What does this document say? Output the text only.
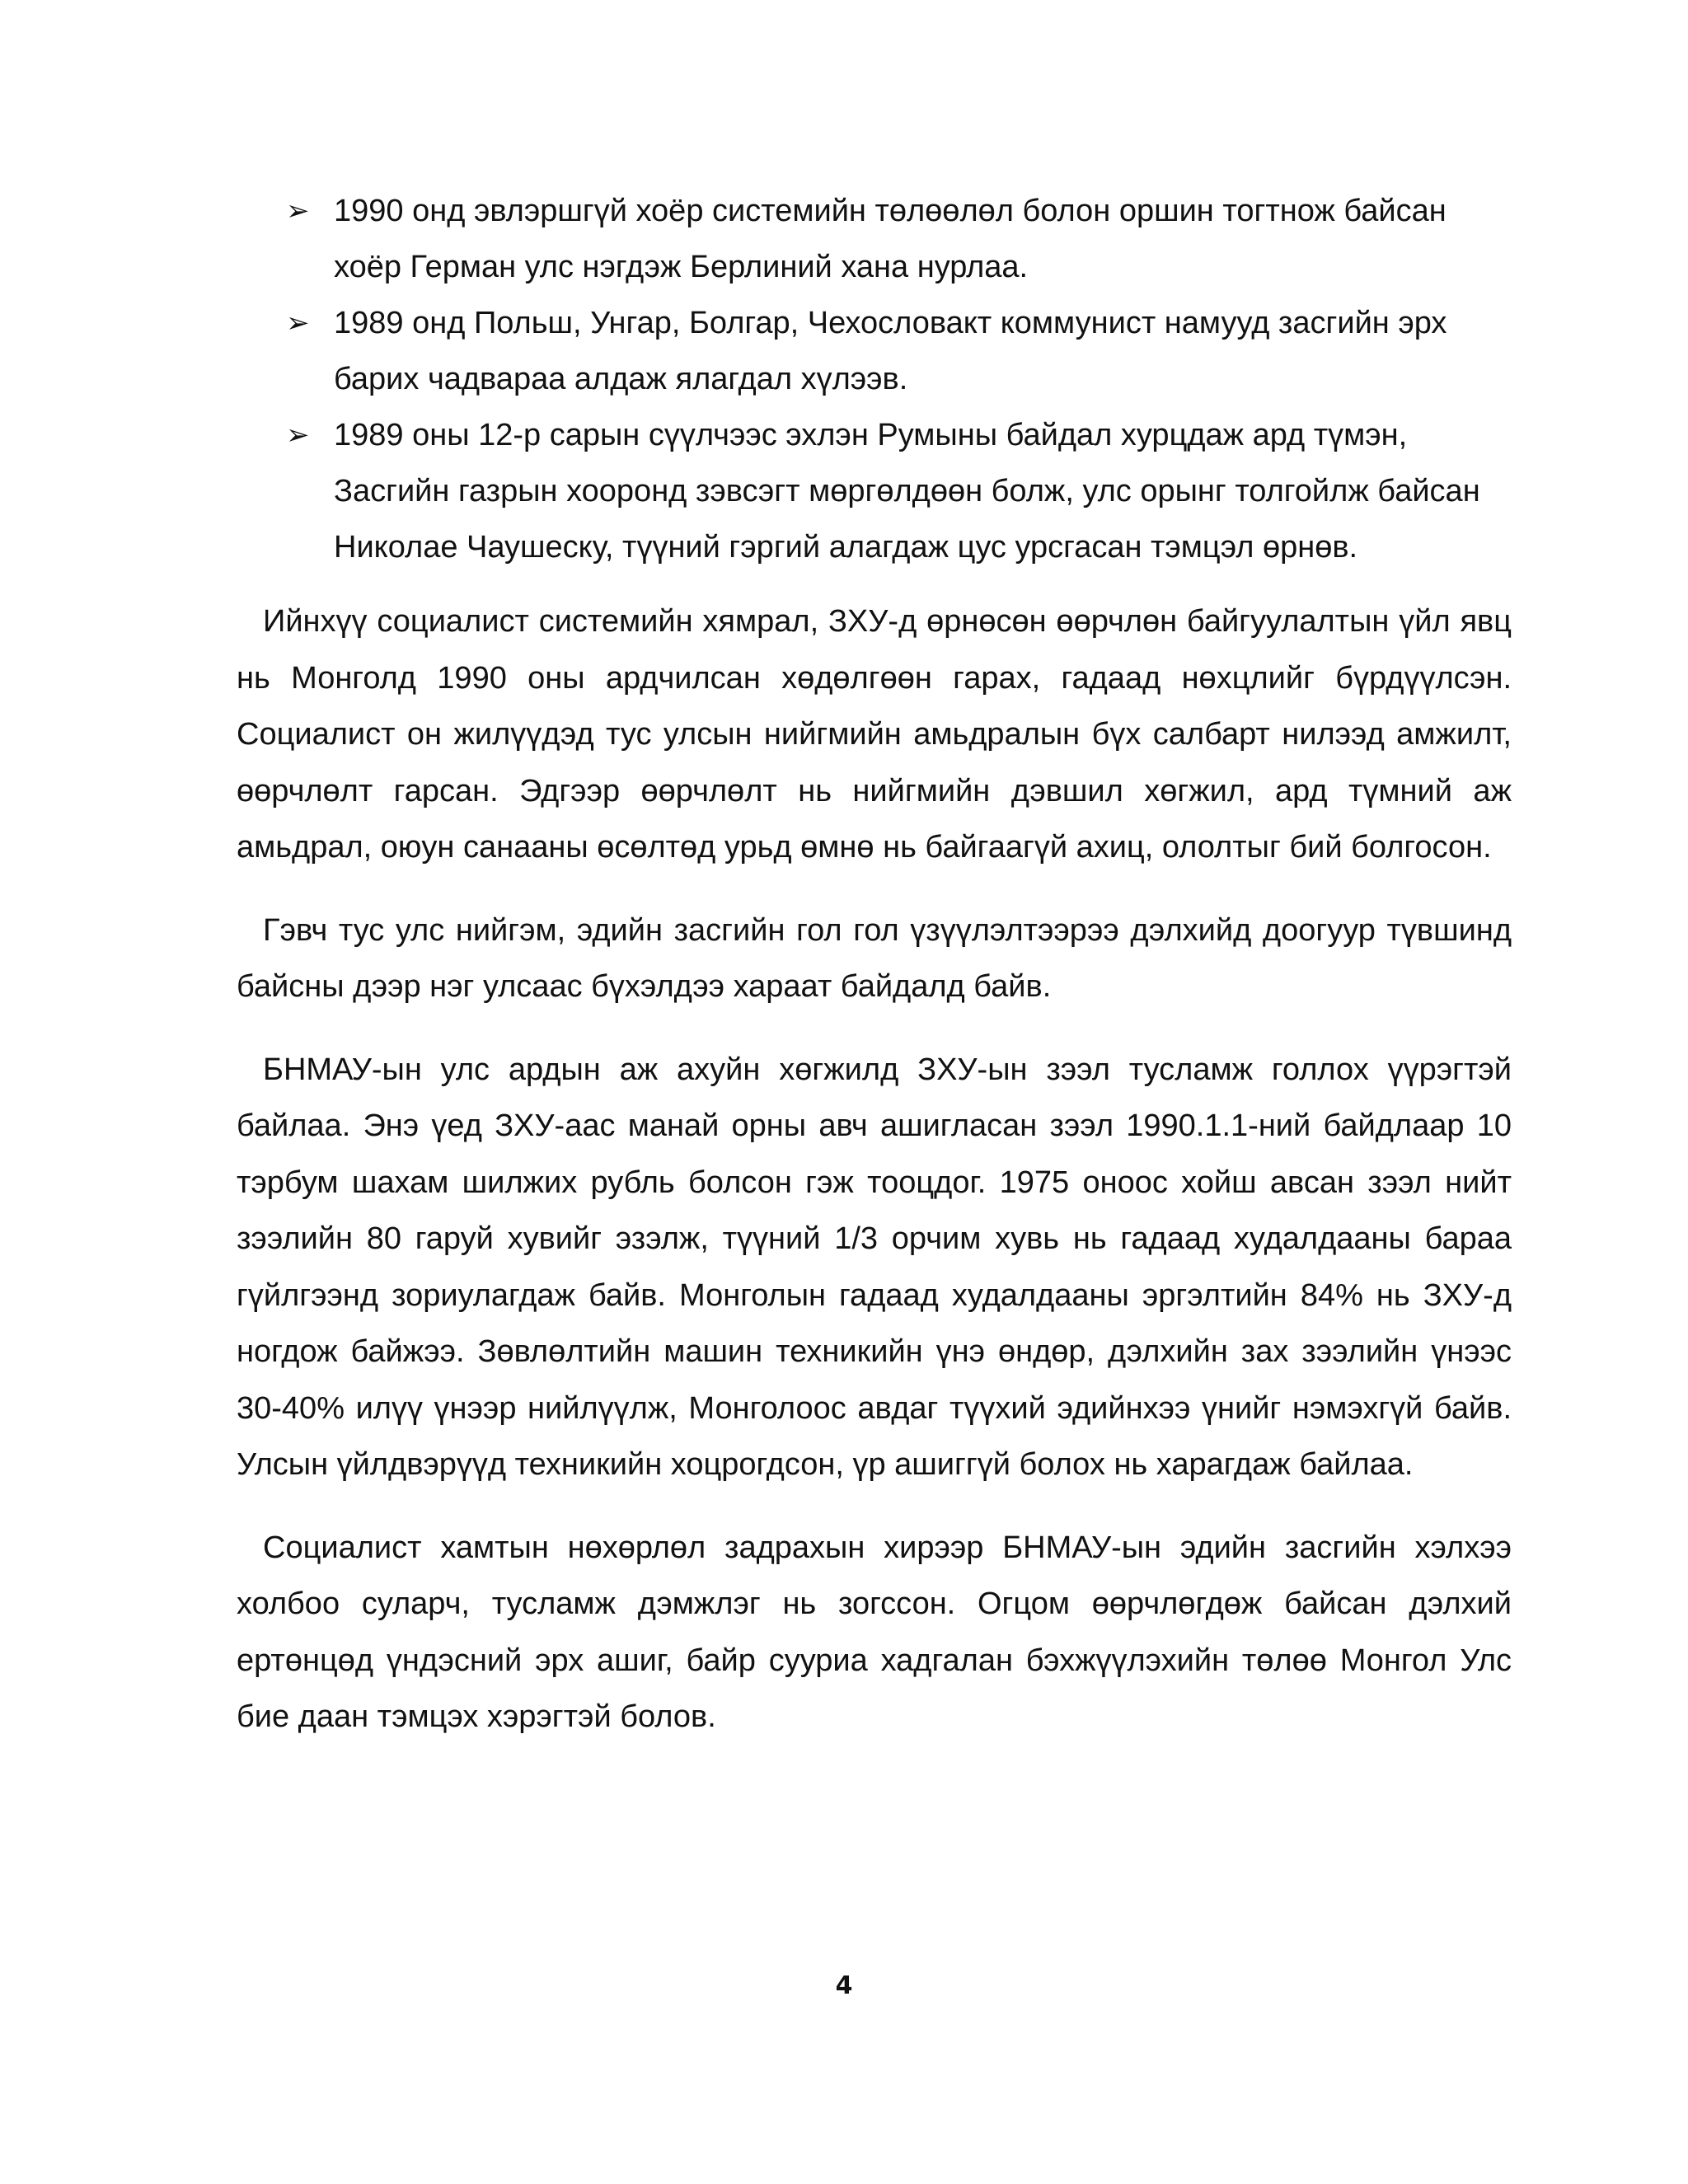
➢ 1990 онд эвлэршгүй хоёр системийн төлөөлөл болон оршин тогтнож байсан хоёр Герман улс нэгдэж Берлиний хана нурлаа.
➢ 1989 онд Польш, Унгар, Болгар, Чехословакт коммунист намууд засгийн эрх барих чадвараа алдаж ялагдал хүлээв.
➢ 1989 оны 12-р сарын сүүлчээс эхлэн Румыны байдал хурцдаж ард түмэн, Засгийн газрын хооронд зэвсэгт мөргөлдөөн болж, улс орынг толгойлж байсан Николае Чаушеску, түүний гэргий алагдаж цус урсгасан тэмцэл өрнөв.

Ийнхүү социалист системийн хямрал, ЗХУ-д өрнөсөн өөрчлөн байгуулалтын үйл явц нь Монголд 1990 оны ардчилсан хөдөлгөөн гарах, гадаад нөхцлийг бүрдүүлсэн. Социалист он жилүүдэд тус улсын нийгмийн амьдралын бүх салбарт нилээд амжилт, өөрчлөлт гарсан. Эдгээр өөрчлөлт нь нийгмийн дэвшил хөгжил, ард түмний аж амьдрал, оюун санааны өсөлтөд урьд өмнө нь байгаагүй ахиц, ололтыг бий болгосон.

Гэвч тус улс нийгэм, эдийн засгийн гол гол үзүүлэлтээрээ дэлхийд доогуур түвшинд байсны дээр нэг улсаас бүхэлдээ хараат байдалд байв.

БНМАУ-ын улс ардын аж ахуйн хөгжилд ЗХУ-ын зээл тусламж голлох үүрэгтэй байлаа. Энэ үед ЗХУ-аас манай орны авч ашигласан зээл 1990.1.1-ний байдлаар 10 тэрбум шахам шилжих рубль болсон гэж тооцдог. 1975 оноос хойш авсан зээл нийт зээлийн 80 гаруй хувийг эзэлж, түүний 1/3 орчим хувь нь гадаад худалдааны бараа гүйлгээнд зориулагдаж байв. Монголын гадаад худалдааны эргэлтийн 84% нь ЗХУ-д ногдож байжээ. Зөвлөлтийн машин техникийн үнэ өндөр, дэлхийн зах зээлийн үнээс 30-40% илүү үнээр нийлүүлж, Монголоос авдаг түүхий эдийнхээ үнийг нэмэхгүй байв. Улсын үйлдвэрүүд техникийн хоцрогдсон, үр ашиггүй болох нь харагдаж байлаа.

Социалист хамтын нөхөрлөл задрахын хирээр БНМАУ-ын эдийн засгийн хэлхээ холбоо суларч, тусламж дэмжлэг нь зогссон. Огцом өөрчлөгдөж байсан дэлхий ертөнцөд үндэсний эрх ашиг, байр сууриа хадгалан бэхжүүлэхийн төлөө Монгол Улс бие даан тэмцэх хэрэгтэй болов.

4
